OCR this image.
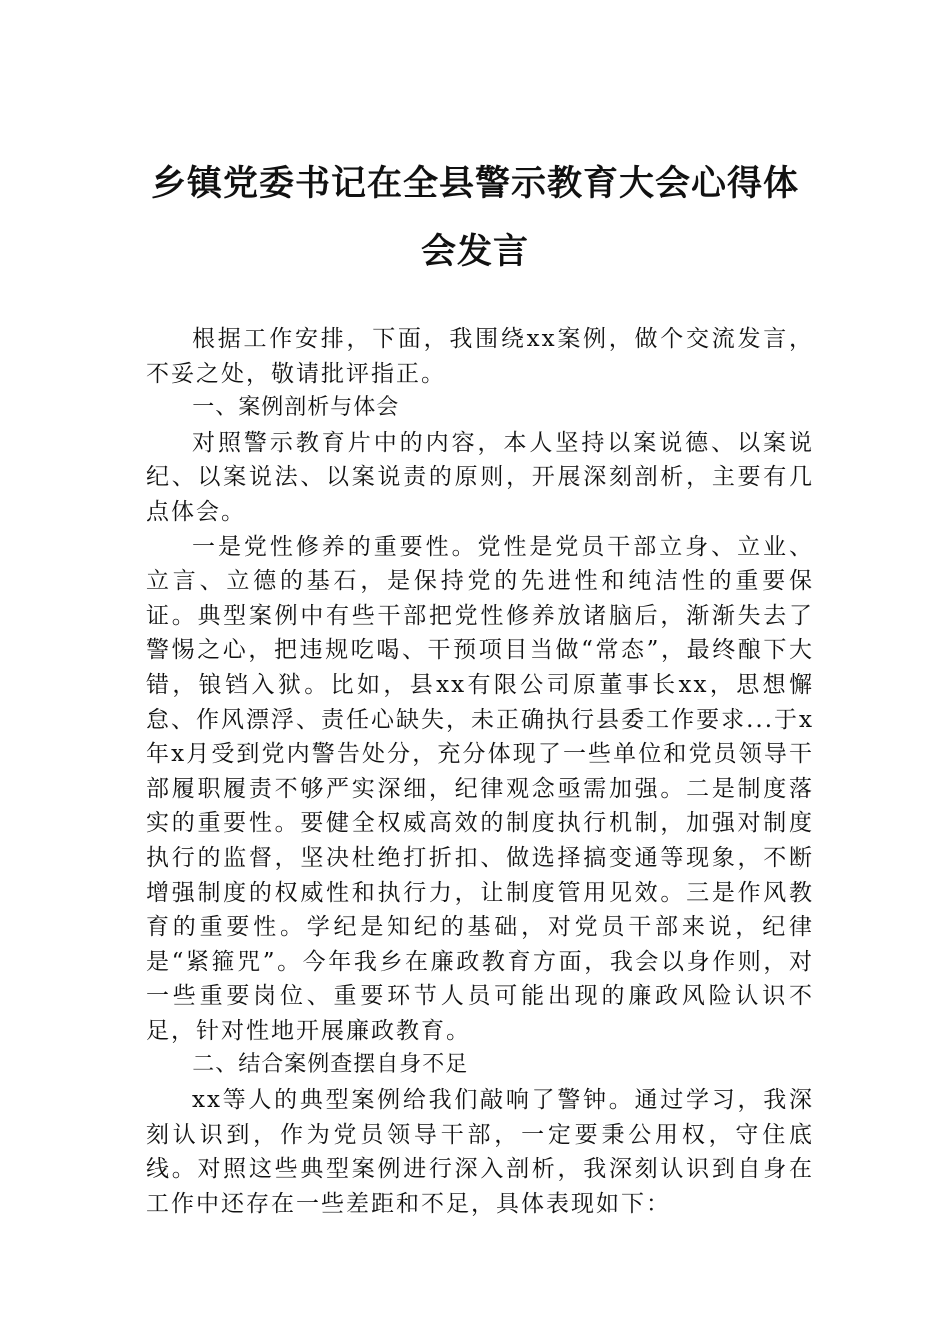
乡镇党委书记在全县警示教育大会心得体
会发言

根据工作安排，下面，我围绕xx案例，做个交流发言，不妥之处，敬请批评指正。

一、案例剖析与体会

对照警示教育片中的内容，本人坚持以案说德、以案说纪、以案说法、以案说责的原则，开展深刻剖析，主要有几点体会。

一是党性修养的重要性。党性是党员干部立身、立业、立言、立德的基石，是保持党的先进性和纯洁性的重要保证。典型案例中有些干部把党性修养放诸脑后，渐渐失去了警惕之心，把违规吃喝、干预项目当做“常态”，最终酿下大错，锒铛入狱。比如，县xx有限公司原董事长xx，思想懈怠、作风漂浮、责任心缺失，未正确执行县委工作要求...于x年x月受到党内警告处分，充分体现了一些单位和党员领导干部履职履责不够严实深细，纪律观念亟需加强。二是制度落实的重要性。要健全权威高效的制度执行机制，加强对制度执行的监督，坚决杜绝打折扣、做选择搞变通等现象，不断增强制度的权威性和执行力，让制度管用见效。三是作风教育的重要性。学纪是知纪的基础，对党员干部来说，纪律是“紧箍咒”。今年我乡在廉政教育方面，我会以身作则，对一些重要岗位、重要环节人员可能出现的廉政风险认识不足，针对性地开展廉政教育。

二、结合案例查摆自身不足

xx等人的典型案例给我们敲响了警钟。通过学习，我深刻认识到，作为党员领导干部，一定要秉公用权，守住底线。对照这些典型案例进行深入剖析，我深刻认识到自身在工作中还存在一些差距和不足，具体表现如下：
